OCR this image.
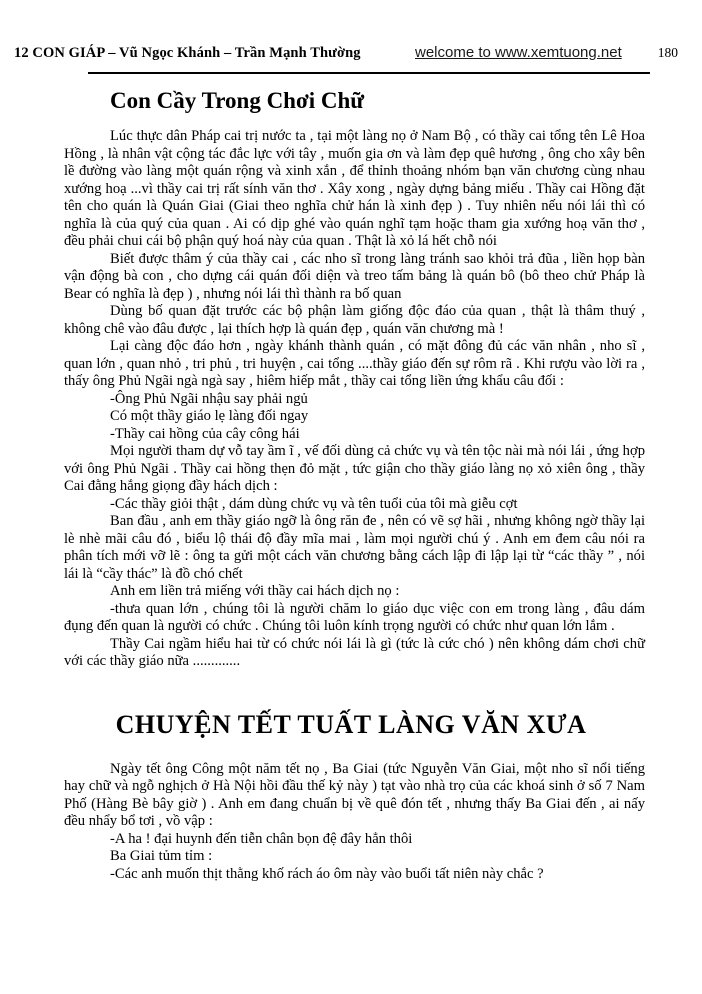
12 CON GIÁP – Vũ Ngọc Khánh – Trần Mạnh Thường	welcome to www.xemtuong.net	180
Con Cầy Trong Chơi Chữ

Lúc thực dân Pháp cai trị nước ta , tại một làng nọ ở Nam Bộ , có thầy cai tổng tên Lê Hoa Hồng , là nhân vật cộng tác đắc lực với tây , muốn gia ơn và làm đẹp quê hương , ông cho xây bên lề đường vào làng một quán rộng và xinh xắn , để thỉnh thoảng nhóm bạn văn chương cùng nhau xướng hoạ ...vì thầy cai trị rất sính văn thơ . Xây xong , ngày dựng bảng miếu . Thầy cai Hồng đặt tên cho quán là Quán Giai (Giai theo nghĩa chử hán là xinh đẹp ) . Tuy nhiên nếu nói lái thì có nghĩa là của quý của quan . Ai có dịp ghé vào quán nghĩ tạm hoặc tham gia xướng hoạ văn thơ , đều phải chui cái bộ phận quý hoá này của quan . Thật là xỏ lá hết chỗ nói

Biết được thâm ý của thầy cai , các nho sĩ trong làng tránh sao khỏi trả đũa , liền họp bàn vận động bà con , cho dựng cái quán đối diện và treo tấm bảng là quán bô (bô theo chử Pháp là Bear có nghĩa là đẹp ) , nhưng nói lái thì thành ra bố quan

Dùng bố quan đặt trước các bộ phận làm giống độc đáo của quan , thật là thâm thuý , không chê vào đâu được , lại thích hợp là quán đẹp , quán văn chương mà !

Lại càng độc đáo hơn , ngày khánh thành quán , có mặt đông đủ các văn nhân , nho sĩ , quan lớn , quan nhỏ , tri phủ , tri huyện , cai tổng ....thầy giáo đến sự rôm rã . Khi rượu vào lời ra , thấy ông Phủ Ngãi ngà ngà say , hiêm hiếp mắt , thầy cai tổng liền ứng khẩu câu đối :

-Ông Phủ Ngãi nhậu say phải ngủ

Có một thầy giáo lẹ làng đối ngay

-Thầy cai hồng của cây công hái

Mọi người tham dự vỗ tay ầm ĩ , vế đối dùng cả chức vụ và tên tộc nài mà nói lái , ứng hợp với ông Phủ Ngãi . Thầy cai hồng thẹn đỏ mặt , tức giận cho thầy giáo làng nọ xỏ xiên ông , thầy Cai đằng hắng giọng đầy hách dịch :

-Các thầy giỏi thật , dám dùng chức vụ và tên tuổi của tôi mà giễu cợt

Ban đầu , anh em thầy giáo ngỡ là ông răn đe , nên có vẽ sợ hãi , nhưng không ngờ thầy lại lè nhè mãi câu đó , biểu lộ thái độ đầy mĩa mai , làm mọi người chú ý . Anh em đem câu nói ra phân tích mới vỡ lẽ : ông ta gửi một cách văn chương bằng cách lập đi lập lại từ “các thầy ” , nói lái là “cầy thác” là đồ chó chết

Anh em liền trả miếng với thầy cai hách dịch nọ :

-thưa quan lớn , chúng tôi là người chăm lo giáo dục việc con em trong làng , đâu dám đụng đến quan là người có chức . Chúng tôi luôn kính trọng người có chức như quan lớn lắm .

Thầy Cai ngầm hiểu hai từ có chức nói lái là gì (tức là cức chó ) nên không dám chơi chữ với các thầy giáo nữa .............

CHUYỆN TẾT TUẤT LÀNG VĂN XƯA

Ngày tết ông Công một năm tết nọ , Ba Giai (tức Nguyễn Văn Giai, một nho sĩ nổi tiếng hay chữ và ngỗ nghịch ở Hà Nội hồi đầu thế kỷ này ) tạt vào nhà trọ của các khoá sinh ở số 7 Nam Phố (Hàng Bè bây giờ ) . Anh em đang chuẩn bị về quê đón tết , nhưng thấy Ba Giai đến , ai nấy đều nhẩy bổ tơi , vồ vập :

-A ha ! đại huynh đến tiễn chân bọn đệ đây hẳn thôi

Ba Giai tủm tỉm :

-Các anh muốn thịt thằng khố rách áo ôm này vào buổi tất niên này chắc ?
